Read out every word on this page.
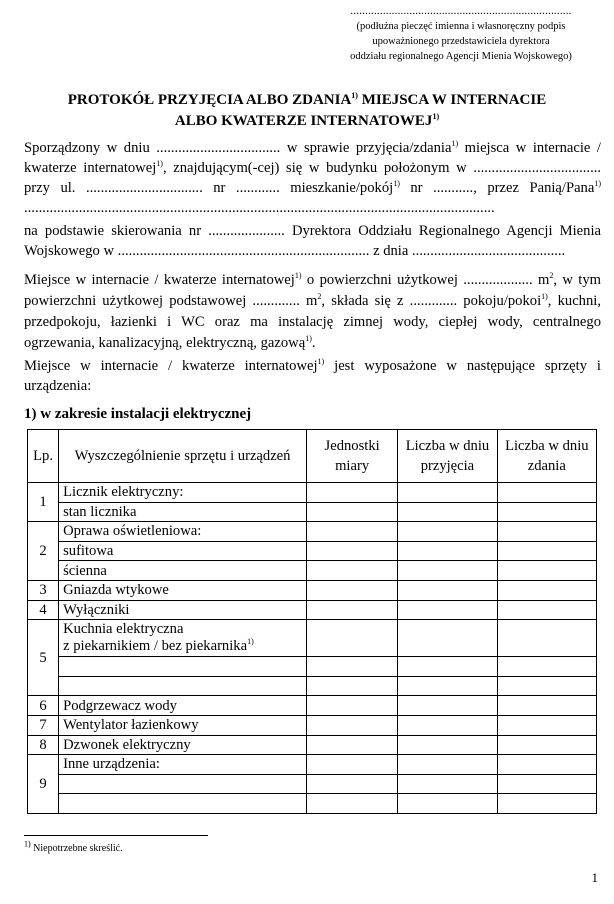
...........................................................................
(podłużna pieczęć imienna i własnoręczny podpis
upoważnionego przedstawiciela dyrektora
oddziału regionalnego Agencji Mienia Wojskowego)
PROTOKÓŁ PRZYJĘCIA ALBO ZDANIA$^{1)}$ MIEJSCA W INTERNACIE
ALBO KWATERZE INTERNATOWEJ$^{1)}$

Sporządzony w dniu .................................. w sprawie przyjęcia/zdania$^{1)}$ miejsca w internacie / kwaterze internatowej$^{1)}$, znajdującym(-cej) się w budynku położonym w ................................... przy ul. ................................ nr ............ mieszkanie/pokój$^{1)}$ nr ..........., przez Panią/Pana$^{1)}$ .................................................................................................................................

na podstawie skierowania nr ..................... Dyrektora Oddziału Regionalnego Agencji Mienia Wojskowego w ..................................................................... z dnia ..........................................

Miejsce w internacie / kwaterze internatowej$^{1)}$ o powierzchni użytkowej ................... $m^2$, w tym powierzchni użytkowej podstawowej ............. $m^2$, składa się z ............. pokoju/pokoi$^{1)}$, kuchni, przedpokoju, łazienki i WC oraz ma instalację zimnej wody, ciepłej wody, centralnego ogrzewania, kanalizacyjną, elektryczną, gazową$^{1)}$.

Miejsce w internacie / kwaterze internatowej$^{1)}$ jest wyposażone w następujące sprzęty i urządzenia:

1) w zakresie instalacji elektrycznej
Lp.	Wyszczególnienie sprzętu i urządzeń	Jednostki miary	Liczba w dniu przyjęcia	Liczba w dniu zdania
1	Licznik elektryczny:			
	stan licznika			
2	Oprawa oświetleniowa:			
	sufitowa			
	ścienna			
3	Gniazda wtykowe			
4	Wyłączniki			
5	Kuchnia elektryczna
z piekarnikiem / bez piekarnika$^{1)}$

6	Podgrzewacz wody			
7	Wentylator łazienkowy			
8	Dzwonek elektryczny			
9	Inne urządzenia:			

$^{1)}$ Niepotrzebne skreślić.
1
